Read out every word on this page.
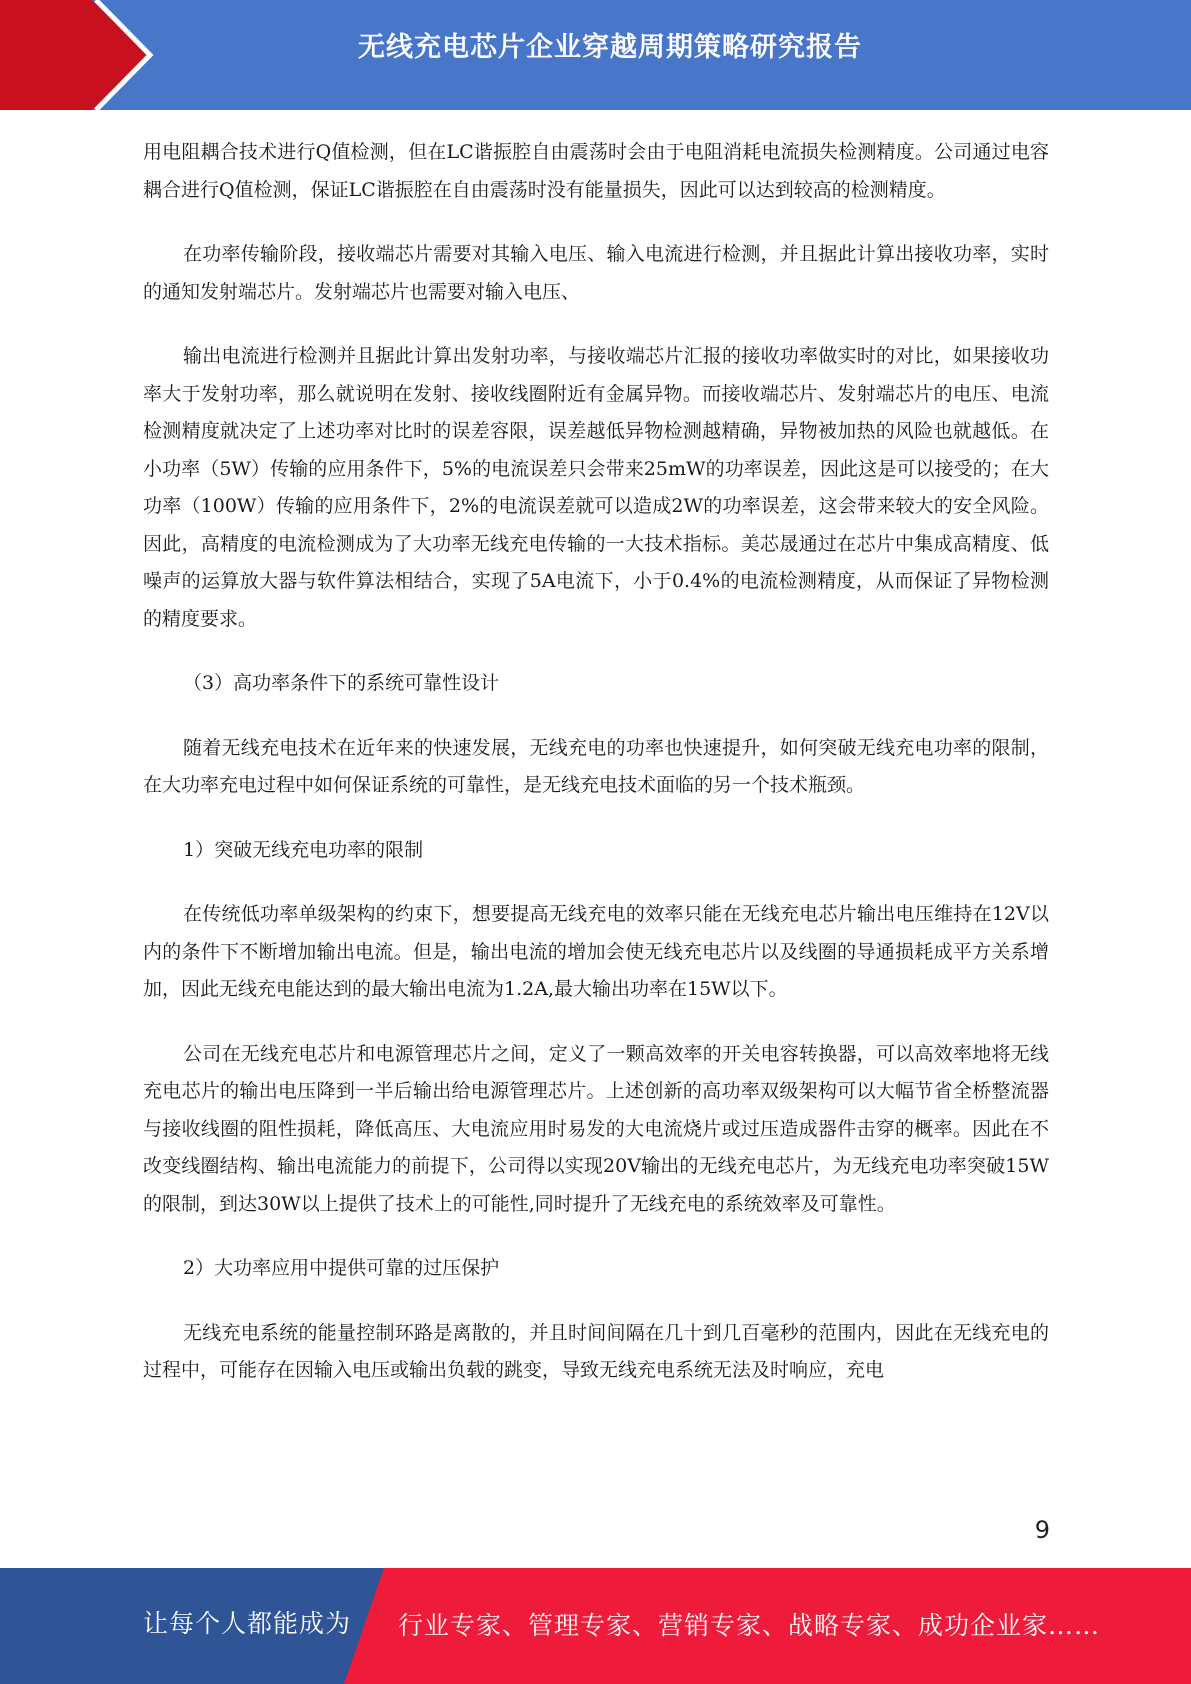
无线充电芯片企业穿越周期策略研究报告

用电阻耦合技术进行Q值检测，但在LC谐振腔自由震荡时会由于电阻消耗电流损失检测精度。公司通过电容耦合进行Q值检测，保证LC谐振腔在自由震荡时没有能量损失，因此可以达到较高的检测精度。

在功率传输阶段，接收端芯片需要对其输入电压、输入电流进行检测，并且据此计算出接收功率，实时的通知发射端芯片。发射端芯片也需要对输入电压、

输出电流进行检测并且据此计算出发射功率，与接收端芯片汇报的接收功率做实时的对比，如果接收功率大于发射功率，那么就说明在发射、接收线圈附近有金属异物。而接收端芯片、发射端芯片的电压、电流检测精度就决定了上述功率对比时的误差容限，误差越低异物检测越精确，异物被加热的风险也就越低。在小功率（5W）传输的应用条件下，5%的电流误差只会带来25mW的功率误差，因此这是可以接受的；在大功率（100W）传输的应用条件下，2%的电流误差就可以造成2W的功率误差，这会带来较大的安全风险。因此，高精度的电流检测成为了大功率无线充电传输的一大技术指标。美芯晟通过在芯片中集成高精度、低噪声的运算放大器与软件算法相结合，实现了5A电流下，小于0.4%的电流检测精度，从而保证了异物检测的精度要求。

（3）高功率条件下的系统可靠性设计

随着无线充电技术在近年来的快速发展，无线充电的功率也快速提升，如何突破无线充电功率的限制，在大功率充电过程中如何保证系统的可靠性，是无线充电技术面临的另一个技术瓶颈。

1）突破无线充电功率的限制

在传统低功率单级架构的约束下，想要提高无线充电的效率只能在无线充电芯片输出电压维持在12V以内的条件下不断增加输出电流。但是，输出电流的增加会使无线充电芯片以及线圈的导通损耗成平方关系增加，因此无线充电能达到的最大输出电流为1.2A,最大输出功率在15W以下。

公司在无线充电芯片和电源管理芯片之间，定义了一颗高效率的开关电容转换器，可以高效率地将无线充电芯片的输出电压降到一半后输出给电源管理芯片。上述创新的高功率双级架构可以大幅节省全桥整流器与接收线圈的阻性损耗，降低高压、大电流应用时易发的大电流烧片或过压造成器件击穿的概率。因此在不改变线圈结构、输出电流能力的前提下，公司得以实现20V输出的无线充电芯片，为无线充电功率突破15W的限制，到达30W以上提供了技术上的可能性,同时提升了无线充电的系统效率及可靠性。

2）大功率应用中提供可靠的过压保护

无线充电系统的能量控制环路是离散的，并且时间间隔在几十到几百毫秒的范围内，因此在无线充电的过程中，可能存在因输入电压或输出负载的跳变，导致无线充电系统无法及时响应，充电

9
让每个人都能成为 行业专家、管理专家、营销专家、战略专家、成功企业家……
